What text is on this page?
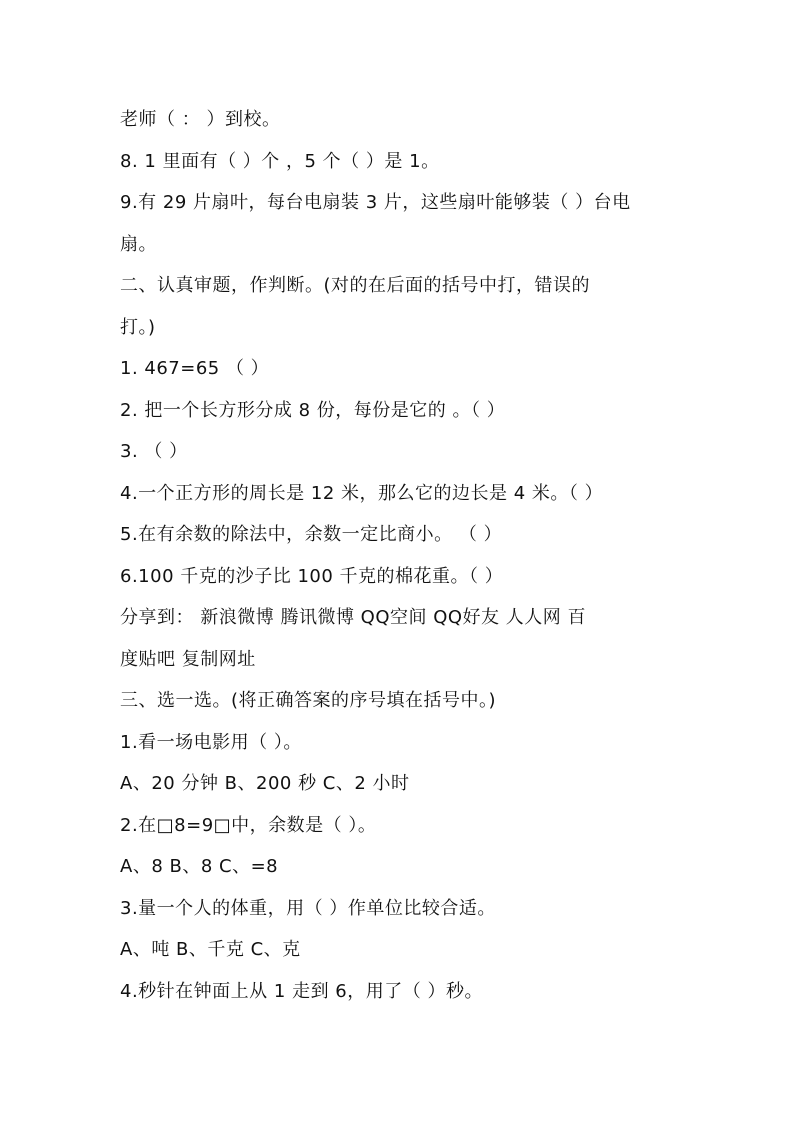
老师（ ： ）到校。
8. 1 里面有（ ）个 ，5 个（ ）是 1。
9.有 29 片扇叶，每台电扇装 3 片，这些扇叶能够装（ ）台电
扇。
二、认真审题，作判断。(对的在后面的括号中打，错误的
打。)
1. 467=65 （ ）
2. 把一个长方形分成 8 份，每份是它的 。（ ）
3. （ ）
4.一个正方形的周长是 12 米，那么它的边长是 4 米。（ ）
5.在有余数的除法中，余数一定比商小。 （ ）
6.100 千克的沙子比 100 千克的棉花重。（ ）
分享到： 新浪微博 腾讯微博 QQ空间 QQ好友 人人网 百
度贴吧 复制网址
三、选一选。(将正确答案的序号填在括号中。)
1.看一场电影用（ ）。
A、20 分钟 B、200 秒 C、2 小时
2.在□8=9□中，余数是（ ）。
A、8 B、8 C、=8
3.量一个人的体重，用（ ）作单位比较合适。
A、吨 B、千克 C、克
4.秒针在钟面上从 1 走到 6，用了（ ）秒。
